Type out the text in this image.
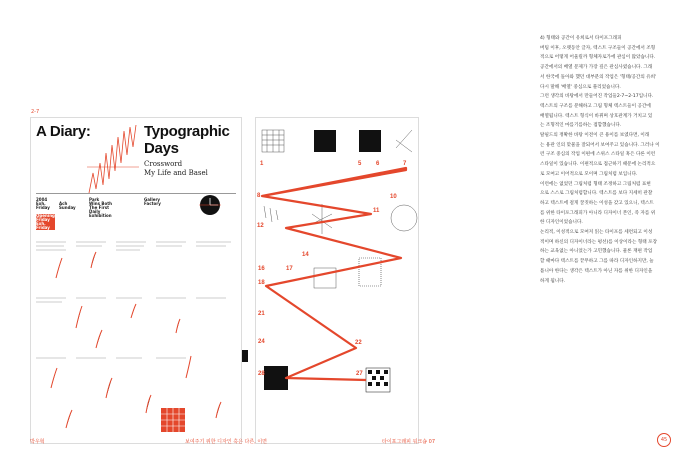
2-7
A Diary:	Typographic
Days
Crossword
My Life and Basel
2004
Exh.
Friday
Ach
Sunday
Park
Wins Both
The First
Daily
Exhibition
Gallery
Factory
Opening
Friday
Exh.
Friday
1	5 6	7
8	10
11
12
14
16	17
18
21
22
24
27
28
4) 형태와 공간이 유희로서 타이포그래피
버팀 이후, 오랫동안 글자, 텍스트 구조들이 공간에서 조형
적으로 어떻게 어울릴까 형체자로가에 관심이 많았습니다.
공간에서의 배열 문제가 가장 깊은 관심사였습니다. 그래
서 한국에 돌아와 했던 대부분의 작업은 '형태/공간의 유희'
다시 말해 '배열' 중심으로 풀리었습니다.
그런 생각의 바탕에서 만들어진 작업들2-7~2-17입니다.
텍스트의 구조를 분해하고 그림 형체 텍스트들이 공간에
배열됩니다. 텍스트 형식이 바뀌며 상호관계가 거치고 있
는 조형적인 마를기를하는 접합했습니다.
탈필드의 정확한 바탕 이전이 큰 용이를 보였다면, 이래
는 용관 인의 맞물을 잘되어서 보여주고 있습니다. 그러나 이
런 구조 중심의 작업 이편에 스위스 스타일 혹은 다른 이런
스타일이 있습니다. 이편적으로 접근하기 때문에 논리적으
로 모여고 이어적으로 모이며 그림처럼 보입니다.
이런에는 없었던 그림처럼 형태 조정하고 그림처럼 표현
으로 스스로 그림처럼합니다. 텍스트를 보다 지세히 관찰
하고 텍스트에 걸게 꿀짓하는 이성을 갖고 있으니, 텍스트
를 위한 타이포그래피가 아니라 디자이너 본인, 즉 자를 위
한 디자인이었습니다.
논리적, 이성적으로 모여져 읽는 타이포를 세련되고 이성
적이며 하신의 디자이너라는 평선)를 이상이라는 형태 포장
하는 교육없는 아니었는가 고민했습니다. 물론 재편 작업
할 때마다 텍스트를 끝무하고 그를 따라 디자인하지만, 늘
틀니아 한다는 생각은 텍스트가 아닌 자를 위한 디자인을
하게 됩니다.
박우혁	보여주기 위한 디자인 혹은 다른, 이면	타이포그래피 워크숍 07	45
